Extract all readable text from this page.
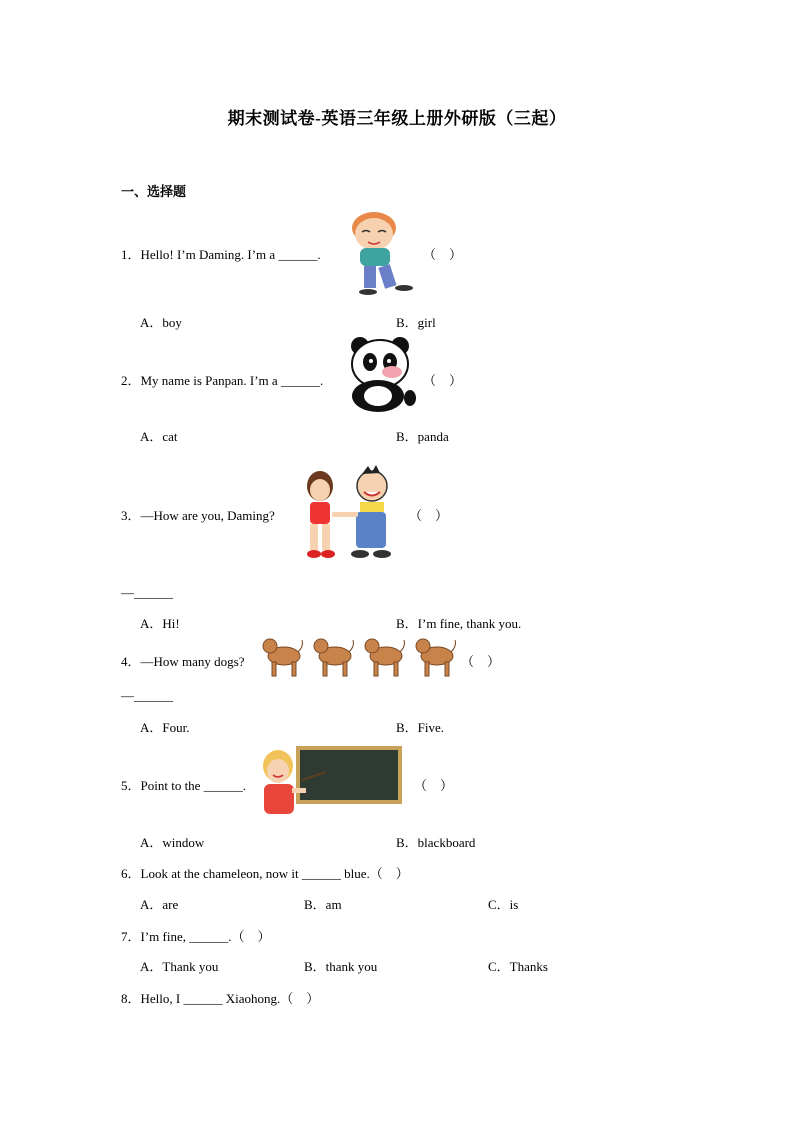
期末测试卷-英语三年级上册外研版（三起）
一、选择题
1．Hello! I’m Daming. I’m a ______.	（　）
A．boy	B．girl
2．My name is Panpan. I’m a ______.	（　）
A．cat	B．panda
3．—How are you, Daming?	（　）
—______
A．Hi!	B．I’m fine, thank you.
4．—How many dogs?	（　）
—______
A．Four.	B．Five.
5．Point to the ______.	（　）
A．window	B．blackboard
6．Look at the chameleon, now it ______ blue.（　）
A．are	B．am	C．is
7．I’m fine, ______.（　）
A．Thank you	B．thank you	C．Thanks
8．Hello, I ______ Xiaohong.（　）
